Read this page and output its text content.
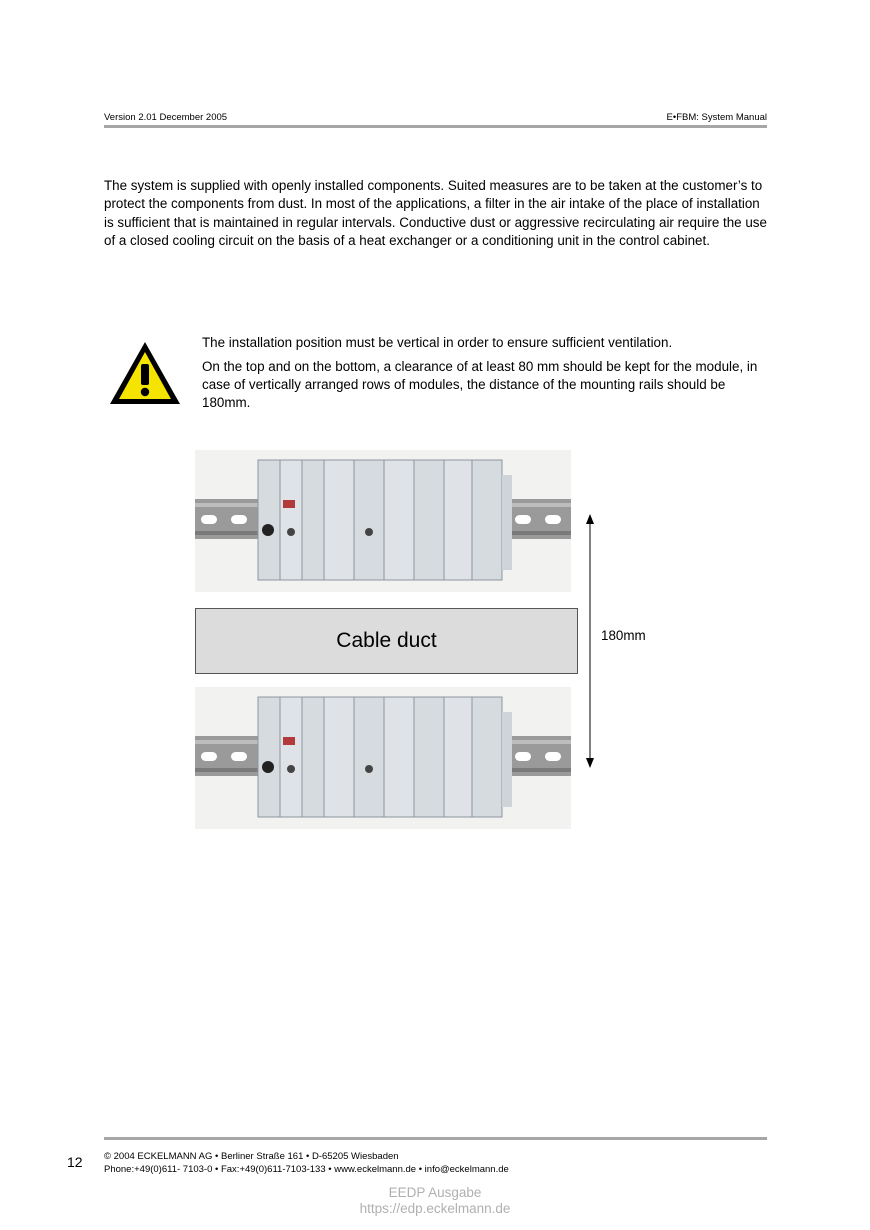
Version 2.01 December 2005	E•FBM: System Manual
The system is supplied with openly installed components. Suited measures are to be taken at the customer’s to protect the components from dust. In most of the applications, a filter in the air intake of the place of installation is sufficient that is maintained in regular intervals. Conductive dust or aggressive recirculating air require the use of a closed cooling circuit on the basis of a heat exchanger or a conditioning unit in the control cabinet.

The installation position must be vertical in order to ensure sufficient ventilation.

On the top and on the bottom, a clearance of at least 80 mm should be kept for the module, in case of vertically arranged rows of modules, the distance of the mounting rails should be 180mm.

Cable duct	180mm
12 © 2004 ECKELMANN AG • Berliner Straße 161 • D-65205 Wiesbaden
Phone:+49(0)611- 7103-0 • Fax:+49(0)611-7103-133 • www.eckelmann.de • info@eckelmann.de
EEDP Ausgabe
https://edp.eckelmann.de
